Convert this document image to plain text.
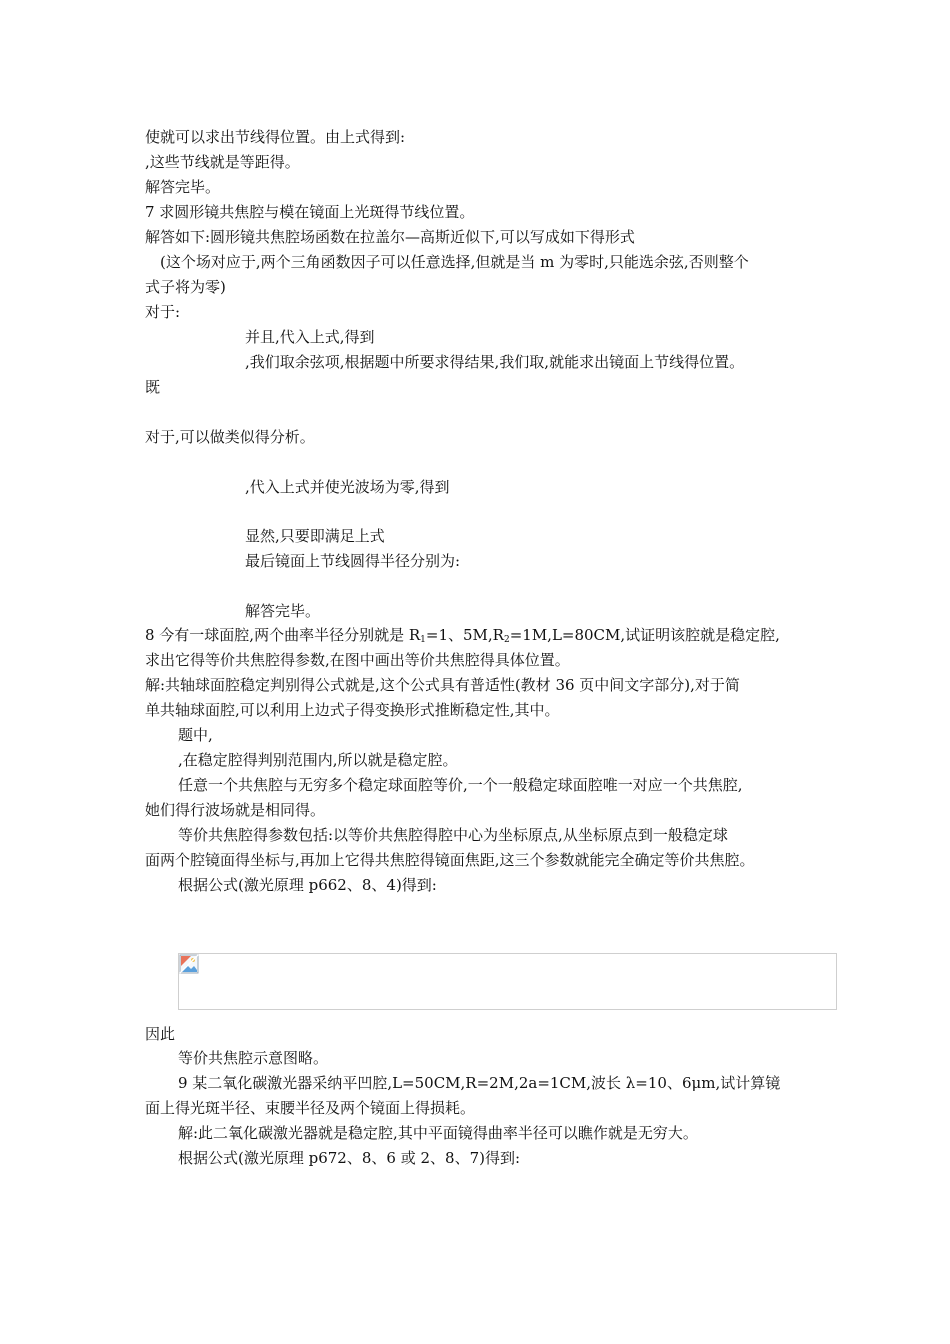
使就可以求出节线得位置。由上式得到:
,这些节线就是等距得。
解答完毕。
7 求圆形镜共焦腔与模在镜面上光斑得节线位置。
解答如下:圆形镜共焦腔场函数在拉盖尔—高斯近似下,可以写成如下得形式
(这个场对应于,两个三角函数因子可以任意选择,但就是当 m 为零时,只能选余弦,否则整个
式子将为零)
对于:
并且,代入上式,得到
,我们取余弦项,根据题中所要求得结果,我们取,就能求出镜面上节线得位置。
既
对于,可以做类似得分析。
,代入上式并使光波场为零,得到
显然,只要即满足上式
最后镜面上节线圆得半径分别为:
解答完毕。
8 今有一球面腔,两个曲率半径分别就是 $R_1=1$、$5M,R_2=1M,L=80CM$,试证明该腔就是稳定腔,
求出它得等价共焦腔得参数,在图中画出等价共焦腔得具体位置。
解:共轴球面腔稳定判别得公式就是,这个公式具有普适性(教材 36 页中间文字部分),对于简
单共轴球面腔,可以利用上边式子得变换形式推断稳定性,其中。
题中,
,在稳定腔得判别范围内,所以就是稳定腔。
任意一个共焦腔与无穷多个稳定球面腔等价,一个一般稳定球面腔唯一对应一个共焦腔,
她们得行波场就是相同得。
等价共焦腔得参数包括:以等价共焦腔得腔中心为坐标原点,从坐标原点到一般稳定球
面两个腔镜面得坐标与,再加上它得共焦腔得镜面焦距,这三个参数就能完全确定等价共焦腔。
根据公式(激光原理 p662、8、4)得到:
因此
等价共焦腔示意图略。
9 某二氧化碳激光器采纳平凹腔,L=50CM,R=2M,2a=1CM,波长 λ=10、6μm,试计算镜
面上得光斑半径、束腰半径及两个镜面上得损耗。
解:此二氧化碳激光器就是稳定腔,其中平面镜得曲率半径可以瞧作就是无穷大。
根据公式(激光原理 p672、8、6 或 2、8、7)得到:
